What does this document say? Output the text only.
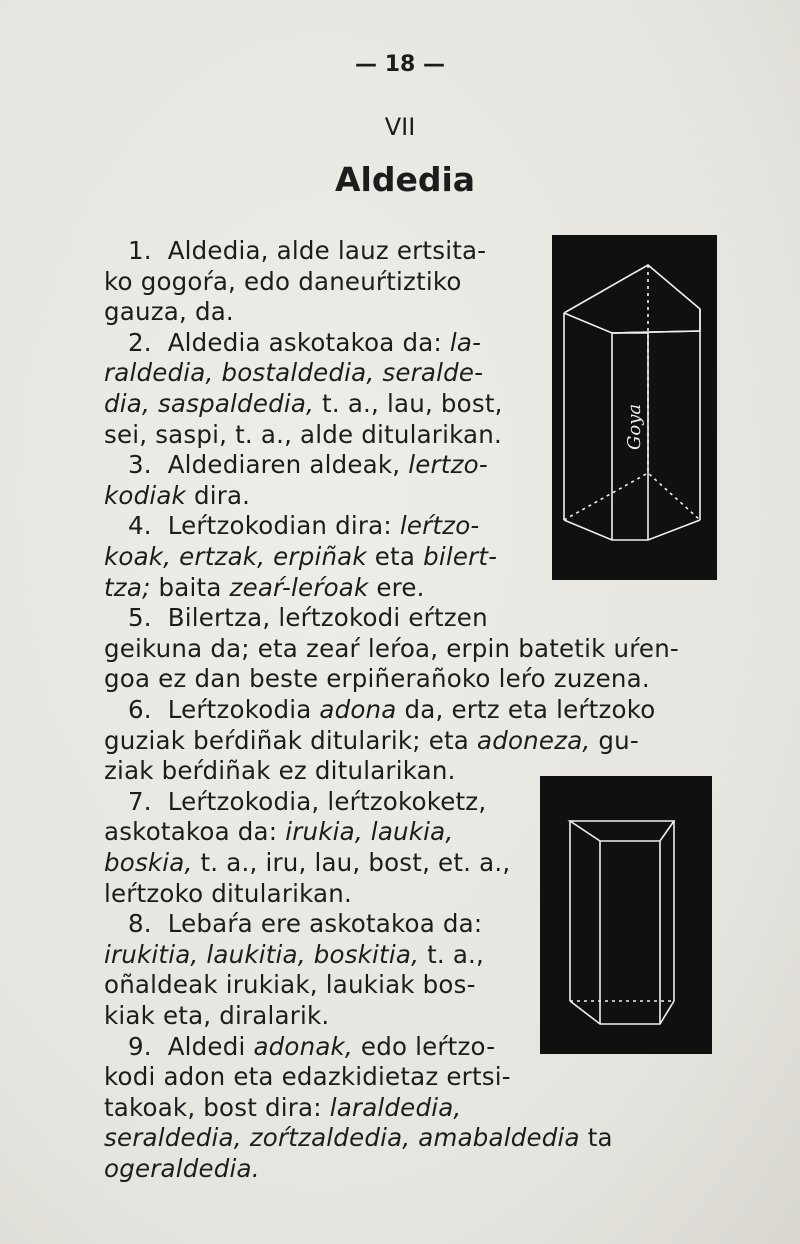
— 18 —
VII
Aldedia
1.  Aldedia, alde lauz ertsita-
ko gogoŕa, edo daneuŕtiztiko
gauza, da.
2.  Aldedia askotakoa da: la-
raldedia, bostaldedia, seralde-
dia, saspaldedia, t. a., lau, bost,
sei, saspi, t. a., alde ditularikan.
3.  Aldediaren aldeak, lertzo-
kodiak dira.
4.  Leŕtzokodian dira: leŕtzo-
koak, ertzak, erpiñak eta bilert-
tza; baita zeaŕ-leŕoak ere.
5.  Bilertza, leŕtzokodi eŕtzen
geikuna da; eta zeaŕ leŕoa, erpin batetik uŕen-
goa ez dan beste erpiñerañoko leŕo zuzena.
6.  Leŕtzokodia adona da, ertz eta leŕtzoko
guziak beŕdiñak ditularik; eta adoneza, gu-
ziak beŕdiñak ez ditularikan.
7.  Leŕtzokodia, leŕtzokoketz,
askotakoa da: irukia, laukia,
boskia, t. a., iru, lau, bost, et. a.,
leŕtzoko ditularikan.
8.  Lebaŕa ere askotakoa da:
irukitia, laukitia, boskitia, t. a.,
oñaldeak irukiak, laukiak bos-
kiak eta, diralarik.
9.  Aldedi adonak, edo leŕtzo-
kodi adon eta edazkidietaz ertsi-
takoak, bost dira: laraldedia,
seraldedia, zoŕtzaldedia, amabaldedia ta
ogeraldedia.
Goya
